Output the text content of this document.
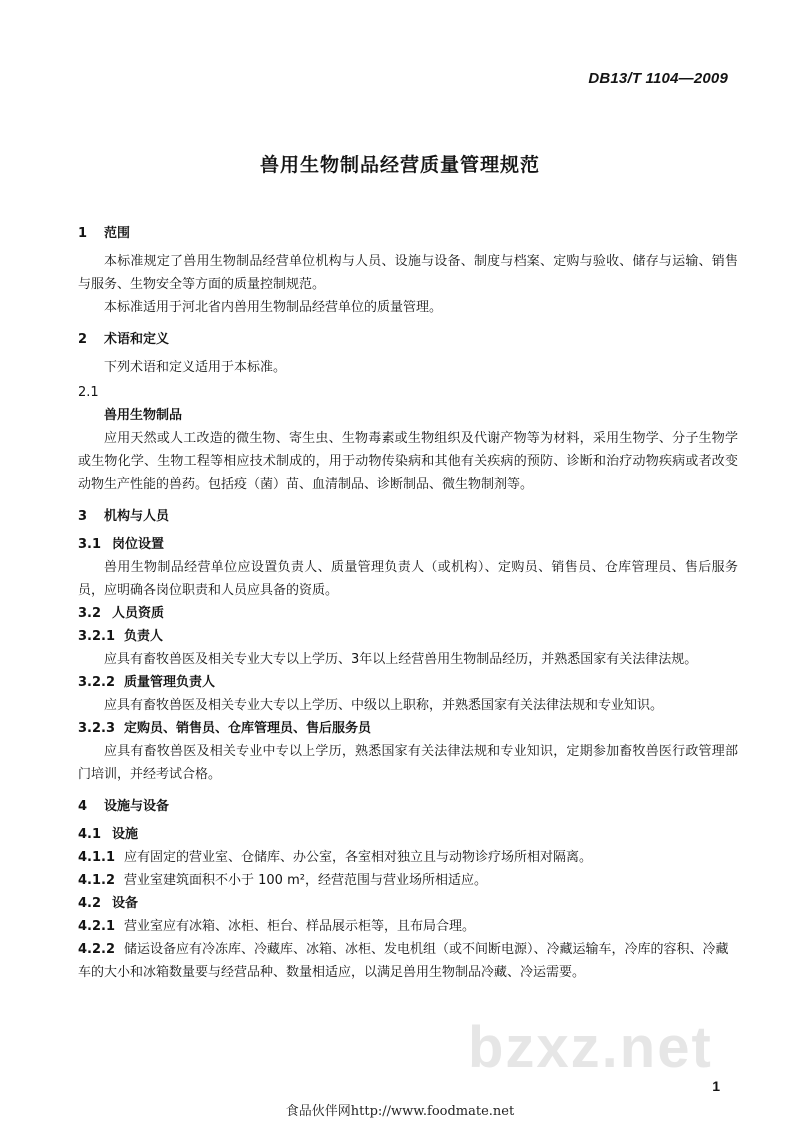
DB13/T 1104—2009
兽用生物制品经营质量管理规范

1 范围

本标准规定了兽用生物制品经营单位机构与人员、设施与设备、制度与档案、定购与验收、储存与运输、销售与服务、生物安全等方面的质量控制规范。

本标准适用于河北省内兽用生物制品经营单位的质量管理。

2 术语和定义

下列术语和定义适用于本标准。

2.1

兽用生物制品

应用天然或人工改造的微生物、寄生虫、生物毒素或生物组织及代谢产物等为材料，采用生物学、分子生物学或生物化学、生物工程等相应技术制成的，用于动物传染病和其他有关疾病的预防、诊断和治疗动物疾病或者改变动物生产性能的兽药。包括疫（菌）苗、血清制品、诊断制品、微生物制剂等。

3 机构与人员

3.1 岗位设置

兽用生物制品经营单位应设置负责人、质量管理负责人（或机构）、定购员、销售员、仓库管理员、售后服务员，应明确各岗位职责和人员应具备的资质。

3.2 人员资质

3.2.1 负责人

应具有畜牧兽医及相关专业大专以上学历、3年以上经营兽用生物制品经历，并熟悉国家有关法律法规。

3.2.2 质量管理负责人

应具有畜牧兽医及相关专业大专以上学历、中级以上职称，并熟悉国家有关法律法规和专业知识。

3.2.3 定购员、销售员、仓库管理员、售后服务员

应具有畜牧兽医及相关专业中专以上学历，熟悉国家有关法律法规和专业知识，定期参加畜牧兽医行政管理部门培训，并经考试合格。

4 设施与设备

4.1 设施

4.1.1 应有固定的营业室、仓储库、办公室，各室相对独立且与动物诊疗场所相对隔离。

4.1.2 营业室建筑面积不小于 100 m²，经营范围与营业场所相适应。

4.2 设备

4.2.1 营业室应有冰箱、冰柜、柜台、样品展示柜等，且布局合理。

4.2.2 储运设备应有冷冻库、冷藏库、冰箱、冰柜、发电机组（或不间断电源）、冷藏运输车，冷库的容积、冷藏车的大小和冰箱数量要与经营品种、数量相适应，以满足兽用生物制品冷藏、冷运需要。

bzxz.net
1
食品伙伴网http://www.foodmate.net
